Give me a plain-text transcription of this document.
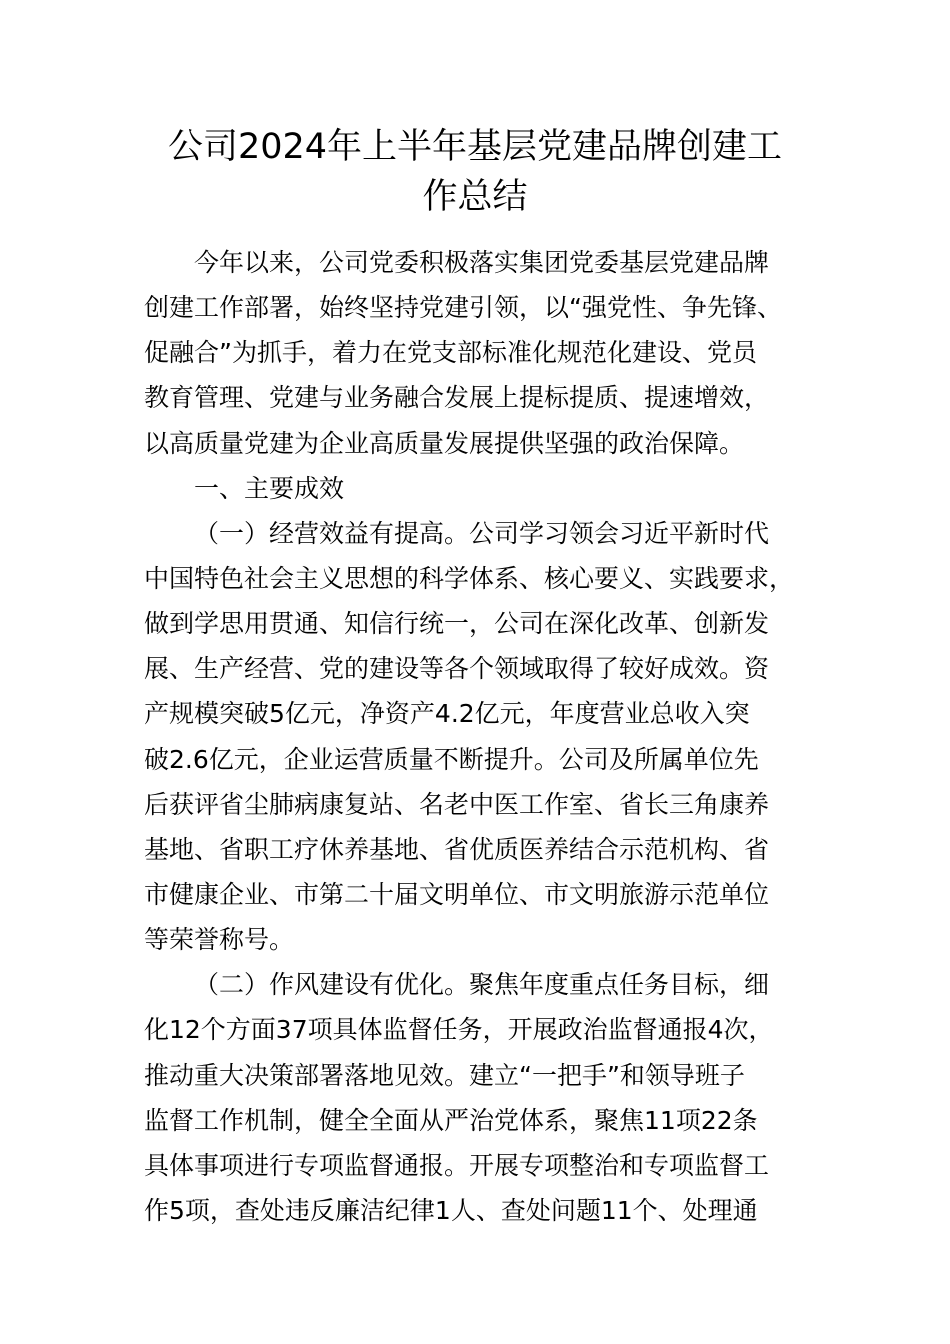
公司2024年上半年基层党建品牌创建工
作总结
今年以来，公司党委积极落实集团党委基层党建品牌
创建工作部署，始终坚持党建引领，以“强党性、争先锋、
促融合”为抓手，着力在党支部标准化规范化建设、党员
教育管理、党建与业务融合发展上提标提质、提速增效，
以高质量党建为企业高质量发展提供坚强的政治保障。
一、主要成效
（一）经营效益有提高。公司学习领会习近平新时代
中国特色社会主义思想的科学体系、核心要义、实践要求，
做到学思用贯通、知信行统一，公司在深化改革、创新发
展、生产经营、党的建设等各个领域取得了较好成效。资
产规模突破5亿元，净资产4.2亿元，年度营业总收入突
破2.6亿元，企业运营质量不断提升。公司及所属单位先
后获评省尘肺病康复站、名老中医工作室、省长三角康养
基地、省职工疗休养基地、省优质医养结合示范机构、省
市健康企业、市第二十届文明单位、市文明旅游示范单位
等荣誉称号。
（二）作风建设有优化。聚焦年度重点任务目标，细
化12个方面37项具体监督任务，开展政治监督通报4次，
推动重大决策部署落地见效。建立“一把手”和领导班子
监督工作机制，健全全面从严治党体系，聚焦11项22条
具体事项进行专项监督通报。开展专项整治和专项监督工
作5项，查处违反廉洁纪律1人、查处问题11个、处理通
